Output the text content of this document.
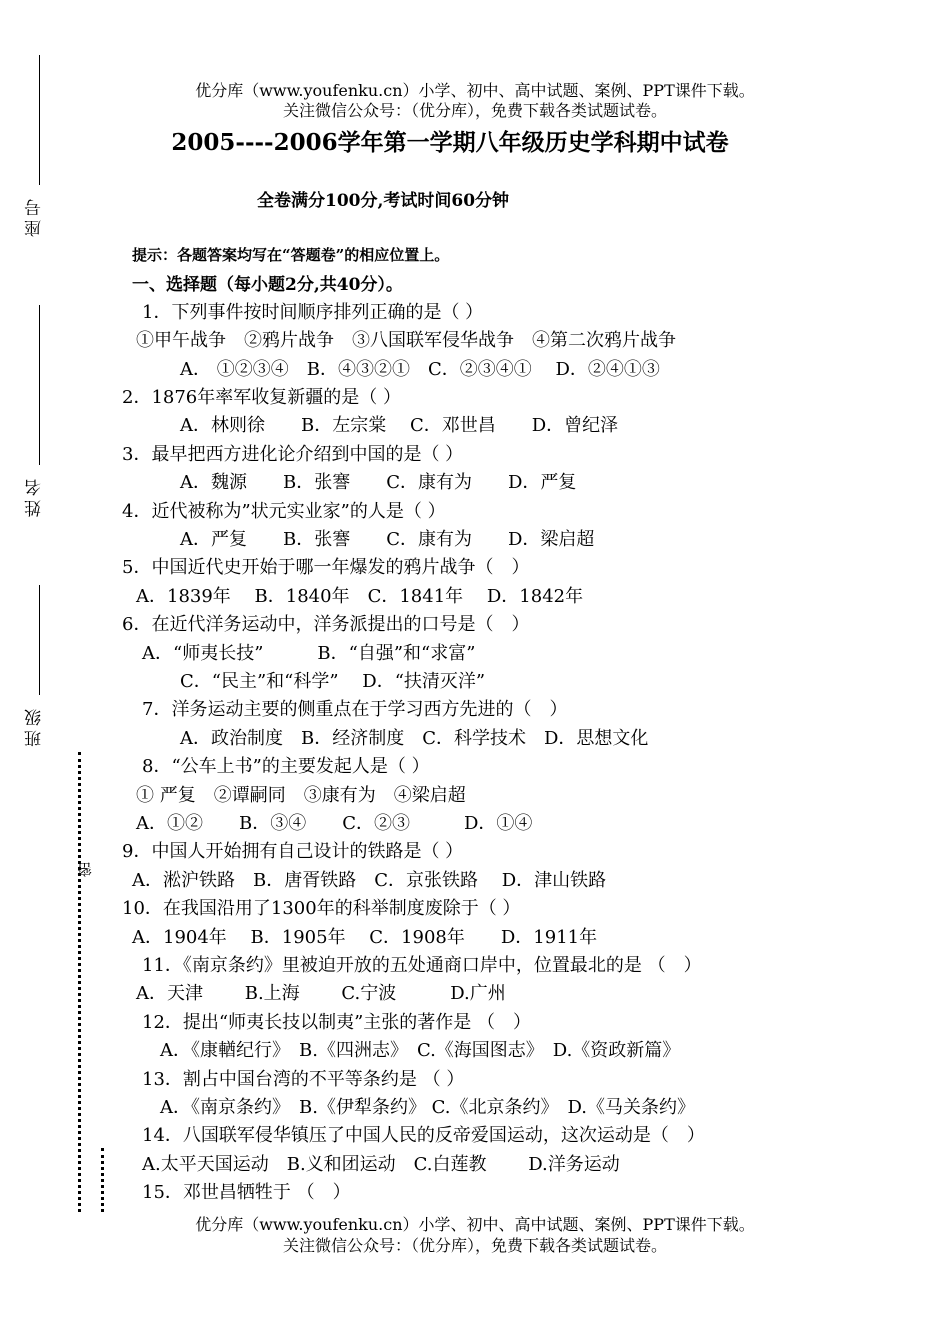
座号
姓名
班级
密
优分库（www.youfenku.cn）小学、初中、高中试题、案例、PPT课件下载。
关注微信公众号：（优分库），免费下载各类试题试卷。
2005----2006学年第一学期八年级历史学科期中试卷
全卷满分100分,考试时间60分钟
提示：各题答案均写在“答题卷”的相应位置上。
一、选择题（每小题2分,共40分）。
1．下列事件按时间顺序排列正确的是（ ）
①甲午战争　②鸦片战争　③八国联军侵华战争　④第二次鸦片战争
A． ①②③④　B．④③②①　C．②③④①　 D．②④①③
2．1876年率军收复新疆的是（ ）
A．林则徐　　B．左宗棠　 C．邓世昌　　D．曾纪泽
3．最早把西方进化论介绍到中国的是（ ）
A．魏源　　B．张謇　　C．康有为　　D．严复
4．近代被称为”状元实业家”的人是（ ）
A．严复　　B．张謇　　C．康有为　　D．梁启超
5．中国近代史开始于哪一年爆发的鸦片战争（　）
A．1839年　 B．1840年　C．1841年　 D．1842年
6．在近代洋务运动中，洋务派提出的口号是（　）
A．“师夷长技”　　　B．“自强”和“求富”
C．“民主”和“科学”　 D．“扶清灭洋”
7．洋务运动主要的侧重点在于学习西方先进的（　）
A．政治制度　B．经济制度　C．科学技术　D．思想文化
8．“公车上书”的主要发起人是（ ）
① 严复　②谭嗣同　③康有为　④梁启超
A．①②　　B．③④　　C．②③　　　D．①④
9．中国人开始拥有自己设计的铁路是（ ）
A．淞沪铁路　B．唐胥铁路　C．京张铁路　 D．津山铁路
10．在我国沿用了1300年的科举制度废除于（ ）
A．1904年　 B．1905年　 C．1908年　　D．1911年
11．《南京条约》里被迫开放的五处通商口岸中，位置最北的是 （　）
A．天津　　 B.上海　　 C.宁波　　　D.广州
12．提出“师夷长技以制夷”主张的著作是 （　）
A．《康輶纪行》　B.《四洲志》　C.《海国图志》　D.《资政新篇》
13．割占中国台湾的不平等条约是 （ ）
A．《南京条约》　B.《伊犁条约》 C.《北京条约》　D.《马关条约》
14．八国联军侵华镇压了中国人民的反帝爱国运动，这次运动是（　）
A.太平天国运动　B.义和团运动　C.白莲教　　 D.洋务运动
15．邓世昌牺牲于 （　）
优分库（www.youfenku.cn）小学、初中、高中试题、案例、PPT课件下载。
关注微信公众号：（优分库），免费下载各类试题试卷。
